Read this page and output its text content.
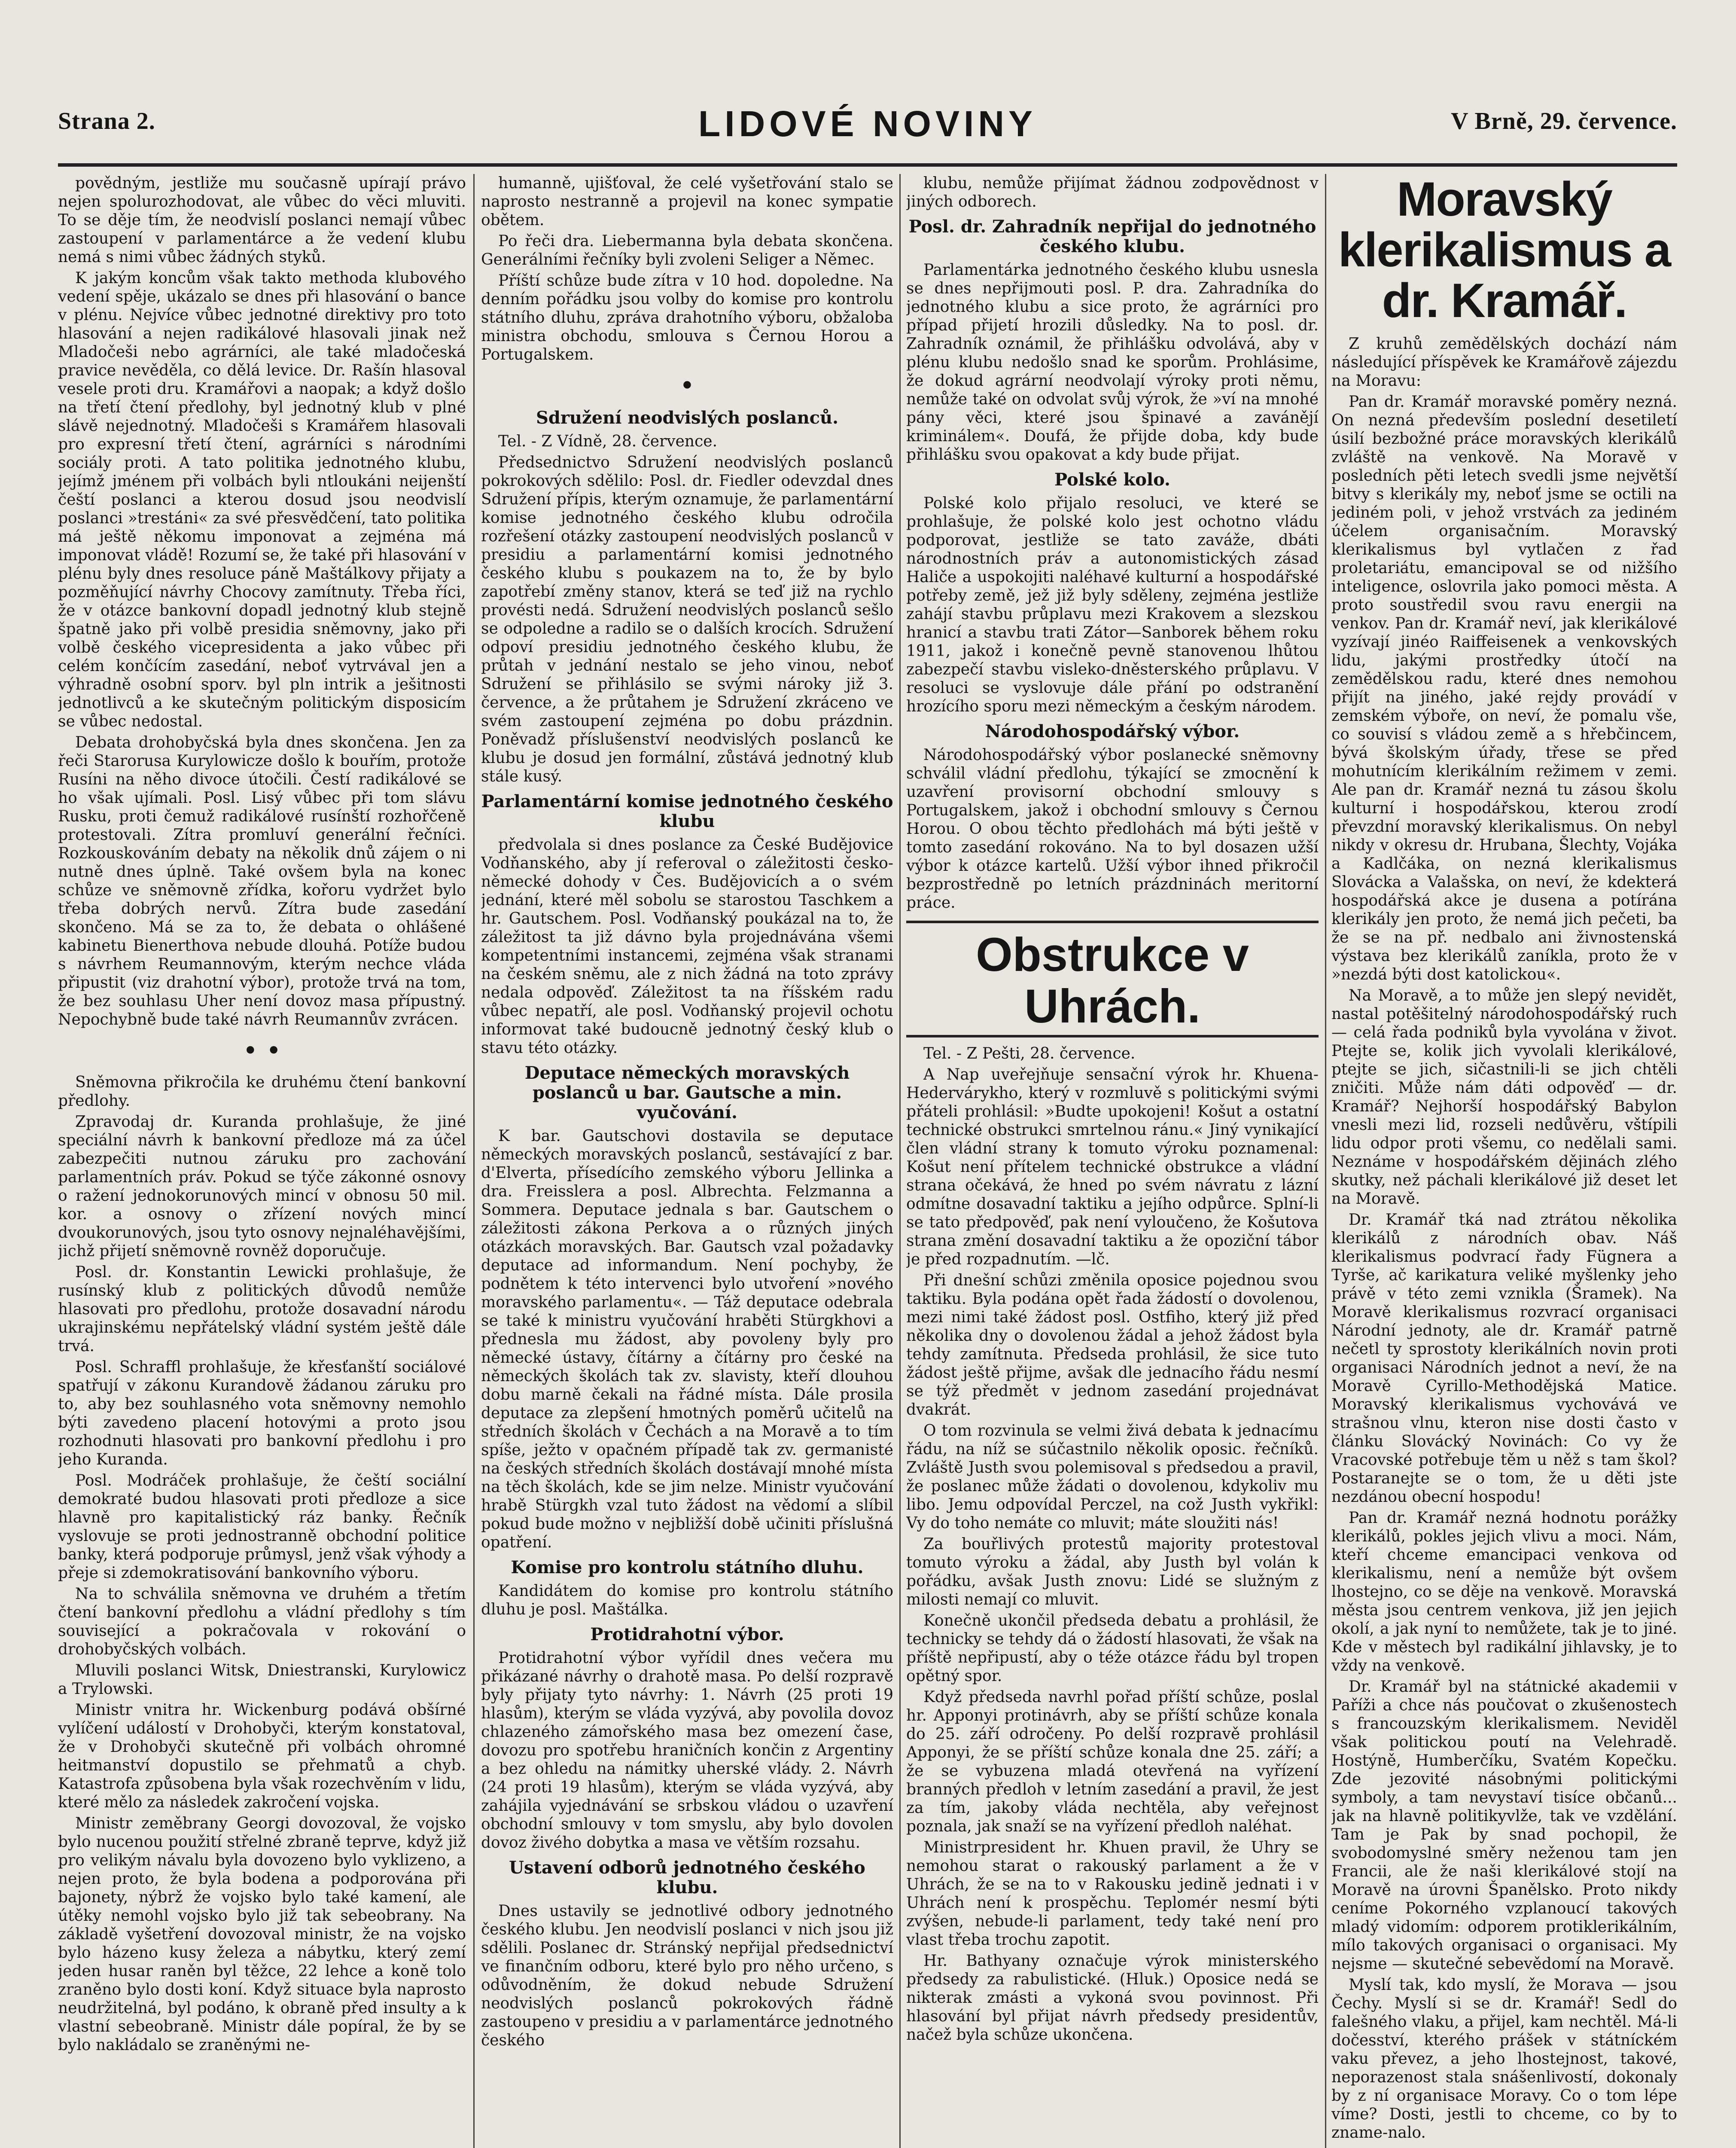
Strana 2.	LIDOVÉ NOVINY	V Brně, 29. července.

povědným, jestliže mu současně upírají právo nejen spolurozhodovat, ale vůbec do věci mluviti. To se děje tím, že neodvislí poslanci nemají vůbec zastoupení v parlamentárce a že vedení klubu nemá s nimi vůbec žádných styků.

K jakým koncům však takto methoda klubového vedení spěje, ukázalo se dnes při hlasování o bance v plénu. Nejvíce vůbec jednotné direktivy pro toto hlasování a nejen radikálové hlasovali jinak než Mladočeši nebo agrárníci, ale také mladočeská pravice nevěděla, co dělá levice. Dr. Rašín hlasoval vesele proti dru. Kramářovi a naopak; a když došlo na třetí čtení předlohy, byl jednotný klub v plné slávě nejednotný. Mladočeši s Kramářem hlasovali pro expresní třetí čtení, agrárníci s národními sociály proti. A tato politika jednotného klubu, jejímž jménem při volbách byli ntloukáni neijenští čeští poslanci a kterou dosud jsou neodvislí poslanci »trestáni« za své přesvědčení, tato politika má ještě někomu imponovat a zejména má imponovat vládě! Rozumí se, že také při hlasování v plénu byly dnes resoluce páně Maštálkovy přijaty a pozměňující návrhy Chocovy zamítnuty. Třeba říci, že v otázce bankovní dopadl jednotný klub stejně špatně jako při volbě presidia sněmovny, jako při volbě českého vicepresidenta a jako vůbec při celém končícím zasedání, neboť vytrvával jen a výhradně osobní sporv. byl pln intrik a ješitnosti jednotlivců a ke skutečným politickým disposicím se vůbec nedostal.

Debata drohobyčská byla dnes skončena. Jen za řeči Starorusa Kurylowicze došlo k bouřím, protože Rusíni na něho divoce útočili. Čestí radikálové se ho však ujímali. Posl. Lisý vůbec při tom slávu Rusku, proti čemuž radikálové rusínští rozhořčeně protestovali. Zítra promluví generální řečníci. Rozkouskováním debaty na několik dnů zájem o ni nutně dnes úplně. Také ovšem byla na konec schůze ve sněmovně zřídka, kořoru vydržet bylo třeba dobrých nervů. Zítra bude zasedání skončeno. Má se za to, že debata o ohlášené kabinetu Bienerthova nebude dlouhá. Potíže budou s návrhem Reumannovým, kterým nechce vláda připustit (viz drahotní výbor), protože trvá na tom, že bez souhlasu Uher není dovoz masa přípustný. Nepochybně bude také návrh Reumannův zvrácen.

• •

Sněmovna přikročila ke druhému čtení bankovní předlohy.

Zpravodaj dr. Kuranda prohlašuje, že jiné speciální návrh k bankovní předloze má za účel zabezpečiti nutnou záruku pro zachování parlamentních práv. Pokud se týče zákonné osnovy o ražení jednokorunových mincí v obnosu 50 mil. kor. a osnovy o zřízení nových mincí dvoukorunových, jsou tyto osnovy nejnaléhavějšími, jichž přijetí sněmovně rovněž doporučuje.

Posl. dr. Konstantin Lewicki prohlašuje, že rusínský klub z politických důvodů nemůže hlasovati pro předlohu, protože dosavadní národu ukrajinskému nepřátelský vládní systém ještě dále trvá.

Posl. Schraffl prohlašuje, že křesťanští sociálové spatřují v zákonu Kurandově žádanou záruku pro to, aby bez souhlasného vota sněmovny nemohlo býti zavedeno placení hotovými a proto jsou rozhodnuti hlasovati pro bankovní předlohu i pro jeho Kuranda.

Posl. Modráček prohlašuje, že čeští sociální demokraté budou hlasovati proti předloze a sice hlavně pro kapitalistický ráz banky. Řečník vyslovuje se proti jednostranně obchodní politice banky, která podporuje průmysl, jenž však výhody a přeje si zdemokratisování bankovního výboru.

Na to schválila sněmovna ve druhém a třetím čtení bankovní předlohu a vládní předlohy s tím související a pokračovala v rokování o drohobyčských volbách.

Mluvili poslanci Witsk, Dniestranski, Kurylowicz a Trylowski.

Ministr vnitra hr. Wickenburg podává obšírné vylíčení událostí v Drohobyči, kterým konstatoval, že v Drohobyči skutečně při volbách ohromné heitmanství dopustilo se přehmatů a chyb. Katastrofa způsobena byla však rozechvěním v lidu, které mělo za následek zakročení vojska.

Ministr zeměbrany Georgi dovozoval, že vojsko bylo nucenou použití střelné zbraně teprve, když již pro velikým návalu byla dovozeno bylo vyklizeno, a nejen proto, že byla bodena a podporována při bajonety, nýbrž že vojsko bylo také kamení, ale útěky nemohl vojsko bylo již tak sebeobrany. Na základě vyšetření dovozoval ministr, že na vojsko bylo házeno kusy železa a nábytku, který zemí jeden husar raněn byl těžce, 22 lehce a koně tolo zraněno bylo dosti koní. Když situace byla naprosto neudržitelná, byl podáno, k obraně před insulty a k vlastní sebeobraně. Ministr dále popíral, že by se bylo nakládalo se zraněnými ne-

humanně, ujišťoval, že celé vyšetřování stalo se naprosto nestranně a projevil na konec sympatie obětem.

Po řeči dra. Liebermanna byla debata skončena. Generálními řečníky byli zvoleni Seliger a Němec.

Příští schůze bude zítra v 10 hod. dopoledne. Na denním pořádku jsou volby do komise pro kontrolu státního dluhu, zpráva drahotního výboru, obžaloba ministra obchodu, smlouva s Černou Horou a Portugalskem.

•
Sdružení neodvislých poslanců.

Tel. - Z Vídně, 28. července.

Předsednictvo Sdružení neodvislých poslanců pokrokových sdělilo: Posl. dr. Fiedler odevzdal dnes Sdružení přípis, kterým oznamuje, že parlamentární komise jednotného českého klubu odročila rozřešení otázky zastoupení neodvislých poslanců v presidiu a parlamentární komisi jednotného českého klubu s poukazem na to, že by bylo zapotřebí změny stanov, která se teď již na rychlo provésti nedá. Sdružení neodvislých poslanců sešlo se odpoledne a radilo se o dalších krocích. Sdružení odpoví presidiu jednotného českého klubu, že průtah v jednání nestalo se jeho vinou, neboť Sdružení se přihlásilo se svými nároky již 3. července, a že průtahem je Sdružení zkráceno ve svém zastoupení zejména po dobu prázdnin. Poněvadž příslušenství neodvislých poslanců ke klubu je dosud jen formální, zůstává jednotný klub stále kusý.

Parlamentární komise jednotného českého klubu

předvolala si dnes poslance za České Budějovice Vodňanského, aby jí referoval o záležitosti česko-německé dohody v Čes. Budějovicích a o svém jednání, které měl sobolu se starostou Taschkem a hr. Gautschem. Posl. Vodňanský poukázal na to, že záležitost ta již dávno byla projednávána všemi kompetentními instancemi, zejména však stranami na českém sněmu, ale z nich žádná na toto zprávy nedala odpověď. Záležitost ta na říšském radu vůbec nepatří, ale posl. Vodňanský projevil ochotu informovat také budoucně jednotný český klub o stavu této otázky.

Deputace německých moravských poslanců u bar. Gautsche a min. vyučování.

K bar. Gautschovi dostavila se deputace německých moravských poslanců, sestávající z bar. d'Elverta, přísedícího zemského výboru Jellinka a dra. Freisslera a posl. Albrechta. Felzmanna a Sommera. Deputace jednala s bar. Gautschem o záležitosti zákona Perkova a o různých jiných otázkách moravských. Bar. Gautsch vzal požadavky deputace ad informandum. Není pochyby, že podnětem k této intervenci bylo utvoření »nového moravského parlamentu«. — Táž deputace odebrala se také k ministru vyučování hraběti Stürgkhovi a přednesla mu žádost, aby povoleny byly pro německé ústavy, čítárny a čítárny pro české na německých školách tak zv. slavisty, kteří dlouhou dobu marně čekali na řádné místa. Dále prosila deputace za zlepšení hmotných poměrů učitelů na středních školách v Čechách a na Moravě a to tím spíše, ježto v opačném případě tak zv. germanisté na českých středních školách dostávají mnohé místa na těch školách, kde se jim nelze. Ministr vyučování hrabě Stürgkh vzal tuto žádost na vědomí a slíbil pokud bude možno v nejbližší době učiniti příslušná opatření.

Komise pro kontrolu státního dluhu.

Kandidátem do komise pro kontrolu státního dluhu je posl. Maštálka.

Protidrahotní výbor.

Protidrahotní výbor vyřídil dnes večera mu přikázané návrhy o drahotě masa. Po delší rozpravě byly přijaty tyto návrhy: 1. Návrh (25 proti 19 hlasům), kterým se vláda vyzývá, aby povolila dovoz chlazeného zámořského masa bez omezení čase, dovozu pro spotřebu hraničních končin z Argentiny a bez ohledu na námitky uherské vlády. 2. Návrh (24 proti 19 hlasům), kterým se vláda vyzývá, aby zahájila vyjednávání se srbskou vládou o uzavření obchodní smlouvy v tom smyslu, aby bylo dovolen dovoz živého dobytka a masa ve větším rozsahu.

Ustavení odborů jednotného českého klubu.

Dnes ustavily se jednotlivé odbory jednotného českého klubu. Jen neodvislí poslanci v nich jsou již sdělili. Poslanec dr. Stránský nepřijal předsednictví ve finančním odboru, které bylo pro něho určeno, s odůvodněním, že dokud nebude Sdružení neodvislých poslanců pokrokových řádně zastoupeno v presidiu a v parlamentárce jednotného českého

klubu, nemůže přijímat žádnou zodpovědnost v jiných odborech.

Posl. dr. Zahradník nepřijal do jednotného českého klubu.

Parlamentárka jednotného českého klubu usnesla se dnes nepřijmouti posl. P. dra. Zahradníka do jednotného klubu a sice proto, že agrárníci pro případ přijetí hrozili důsledky. Na to posl. dr. Zahradník oznámil, že přihlášku odvolává, aby v plénu klubu nedošlo snad ke sporům. Prohlásime, že dokud agrární neodvolají výroky proti němu, nemůže také on odvolat svůj výrok, že »ví na mnohé pány věci, které jsou špinavé a zavánějí kriminálem«. Doufá, že přijde doba, kdy bude přihlášku svou opakovat a kdy bude přijat.

Polské kolo.

Polské kolo přijalo resoluci, ve které se prohlašuje, že polské kolo jest ochotno vládu podporovat, jestliže se tato zaváže, dbáti národnostních práv a autonomistických zásad Haliče a uspokojiti naléhavé kulturní a hospodářské potřeby země, jež již byly sděleny, zejména jestliže zahájí stavbu průplavu mezi Krakovem a slezskou hranicí a stavbu trati Zátor—Sanborek během roku 1911, jakož i konečně pevně stanovenou lhůtou zabezpečí stavbu visleko-dněsterského průplavu. V resoluci se vyslovuje dále přání po odstranění hrozícího sporu mezi německým a českým národem.

Národohospodářský výbor.

Národohospodářský výbor poslanecké sněmovny schválil vládní předlohu, týkající se zmocnění k uzavření provisorní obchodní smlouvy s Portugalskem, jakož i obchodní smlouvy s Černou Horou. O obou těchto předlohách má býti ještě v tomto zasedání rokováno. Na to byl dosazen užší výbor k otázce kartelů. Užší výbor ihned přikročil bezprostředně po letních prázdninách meritorní práce.

Obstrukce v Uhrách.

Tel. - Z Pešti, 28. července.

A Nap uveřejňuje sensační výrok hr. Khuena-Hedervárykho, který v rozmluvě s politickými svými přáteli prohlásil: »Budte upokojeni! Košut a ostatní technické obstrukci smrtelnou ránu.« Jiný vynikající člen vládní strany k tomuto výroku poznamenal: Košut není přítelem technické obstrukce a vládní strana očekává, že hned po svém návratu z lázní odmítne dosavadní taktiku a jejího odpůrce. Splní-li se tato předpověď, pak není vyloučeno, že Košutova strana změní dosavadní taktiku a že opoziční tábor je před rozpadnutím. —lč.

Při dnešní schůzi změnila oposice pojednou svou taktiku. Byla podána opět řada žádostí o dovolenou, mezi nimi také žádost posl. Ostfiho, který již před několika dny o dovolenou žádal a jehož žádost byla tehdy zamítnuta. Předseda prohlásil, že sice tuto žádost ještě přijme, avšak dle jednacího řádu nesmí se týž předmět v jednom zasedání projednávat dvakrát.

O tom rozvinula se velmi živá debata k jednacímu řádu, na níž se súčastnilo několik oposic. řečníků. Zvláště Justh svou polemisoval s předsedou a pravil, že poslanec může žádati o dovolenou, kdykoliv mu libo. Jemu odpovídal Perczel, na což Justh vykřikl: Vy do toho nemáte co mluvit; máte sloužiti nás!

Za bouřlivých protestů majority protestoval tomuto výroku a žádal, aby Justh byl volán k pořádku, avšak Justh znovu: Lidé se služným z milosti nemají co mluvit.

Konečně ukončil předseda debatu a prohlásil, že technicky se tehdy dá o žádostí hlasovati, že však na příště nepřipustí, aby o téže otázce řádu byl tropen opětný spor.

Když předseda navrhl pořad příští schůze, poslal hr. Apponyi protinávrh, aby se příští schůze konala do 25. září odročeny. Po delší rozpravě prohlásil Apponyi, že se příští schůze konala dne 25. září; a že se vybuzena mladá otevřená na vyřízení branných předloh v letním zasedání a pravil, že jest za tím, jakoby vláda nechtěla, aby veřejnost poznala, jak snaží se na vyřízení předloh naléhat.

Ministrpresident hr. Khuen pravil, že Uhry se nemohou starat o rakouský parlament a že v Uhrách, že se na to v Rakousku jedině jednati i v Uhrách není k prospěchu. Teplomér nesmí býti zvýšen, nebude-li parlament, tedy také není pro vlast třeba trochu zapotit.

Hr. Bathyany označuje výrok ministerského předsedy za rabulistické. (Hluk.) Oposice nedá se nikterak zmásti a vykoná svou povinnost. Při hlasování byl přijat návrh předsedy presidentův, načež byla schůze ukončena.

Moravský klerikalismus a dr. Kramář.

Z kruhů zemědělských dochází nám následující příspěvek ke Kramářově zájezdu na Moravu:

Pan dr. Kramář moravské poměry nezná. On nezná především poslední desetiletí úsilí bezbožné práce moravských klerikálů zvláště na venkově. Na Moravě v posledních pěti letech svedli jsme největší bitvy s klerikály my, neboť jsme se octili na jediném poli, v jehož vrstvách za jediném účelem organisačním. Moravský klerikalismus byl vytlačen z řad proletariátu, emancipoval se od nižšího inteligence, oslovrila jako pomoci města. A proto soustředil svou ravu energii na venkov. Pan dr. Kramář neví, jak klerikálové vyzívají jinéo Raiffeisenek a venkovských lidu, jakými prostředky útočí na zemědělskou radu, které dnes nemohou přijít na jiného, jaké rejdy provádí v zemském výboře, on neví, že pomalu vše, co souvisí s vládou země a s hřebčincem, bývá školským úřady, třese se před mohutnícím klerikálním režimem v zemi. Ale pan dr. Kramář nezná tu zásou školu kulturní i hospodářskou, kterou zrodí převzdní moravský klerikalismus. On nebyl nikdy v okresu dr. Hrubana, Šlechty, Vojáka a Kadlčáka, on nezná klerikalismus Slovácka a Valašska, on neví, že kdekterá hospodářská akce je dusena a potírána klerikály jen proto, že nemá jich pečeti, ba že se na př. nedbalo ani živnostenská výstava bez klerikálů zaníkla, proto že v »nezdá býti dost katolickou«.

Na Moravě, a to může jen slepý nevidět, nastal potěšitelný národohospodářský ruch — celá řada podniků byla vyvolána v život. Ptejte se, kolik jich vyvolali klerikálové, ptejte se jich, sičastnili-li se jich chtěli zničiti. Může nám dáti odpověď — dr. Kramář? Nejhorší hospodářský Babylon vnesli mezi lid, rozseli nedůvěru, vštípili lidu odpor proti všemu, co nedělali sami. Neznáme v hospodářském dějinách zlého skutky, než páchali klerikálové již deset let na Moravě.

Dr. Kramář tká nad ztrátou několika klerikálů z národních obav. Náš klerikalismus podvrací řady Fügnera a Tyrše, ač karikatura veliké myšlenky jeho právě v této zemi vznikla (Šramek). Na Moravě klerikalismus rozvrací organisaci Národní jednoty, ale dr. Kramář patrně nečetl ty sprostoty klerikálních novin proti organisaci Národních jednot a neví, že na Moravě Cyrillo-Methodějská Matice. Moravský klerikalismus vychovává ve strašnou vlnu, kteron nise dosti často v článku Slovácký Novinách: Co vy že Vracovské potřebuje těm u něž s tam škol? Postaranejte se o tom, že u děti jste nezdánou obecní hospodu!

Pan dr. Kramář nezná hodnotu porážky klerikálů, pokles jejich vlivu a moci. Nám, kteří chceme emancipaci venkova od klerikalismu, není a nemůže být ovšem lhostejno, co se děje na venkově. Moravská města jsou centrem venkova, již jen jejich okolí, a jak nyní to nemůžete, tak je to jiné. Kde v městech byl radikální jihlavsky, je to vždy na venkově.

Dr. Kramář byl na státnické akademii v Paříži a chce nás poučovat o zkušenostech s francouzským klerikalismem. Neviděl však politickou poutí na Velehradě. Hostýně, Humberčíku, Svatém Kopečku. Zde jezovité násobnými politickými symboly, a tam nevystaví tisíce občanů... jak na hlavně politikyvlže, tak ve vzdělání. Tam je Pak by snad pochopil, že svobodomyslné směry neženou tam jen Francii, ale že naši klerikálové stojí na Moravě na úrovni Španělsko. Proto nikdy ceníme Pokorného vzplanoucí takových mladý vidomím: odporem protiklerikálním, mílo takových organisaci o organisaci. My nejsme — skutečné sebevědomí na Moravě.

Myslí tak, kdo myslí, že Morava — jsou Čechy. Myslí si se dr. Kramář! Sedl do falešného vlaku, a přijel, kam nechtěl. Má-li dočesství, kterého prášek v státníckém vaku převez, a jeho lhostejnost, takové, neporazenost stala snášenlivostí, dokonaly by z ní organisace Moravy. Co o tom lépe víme? Dosti, jestli to chceme, co by to zname-nalo.
